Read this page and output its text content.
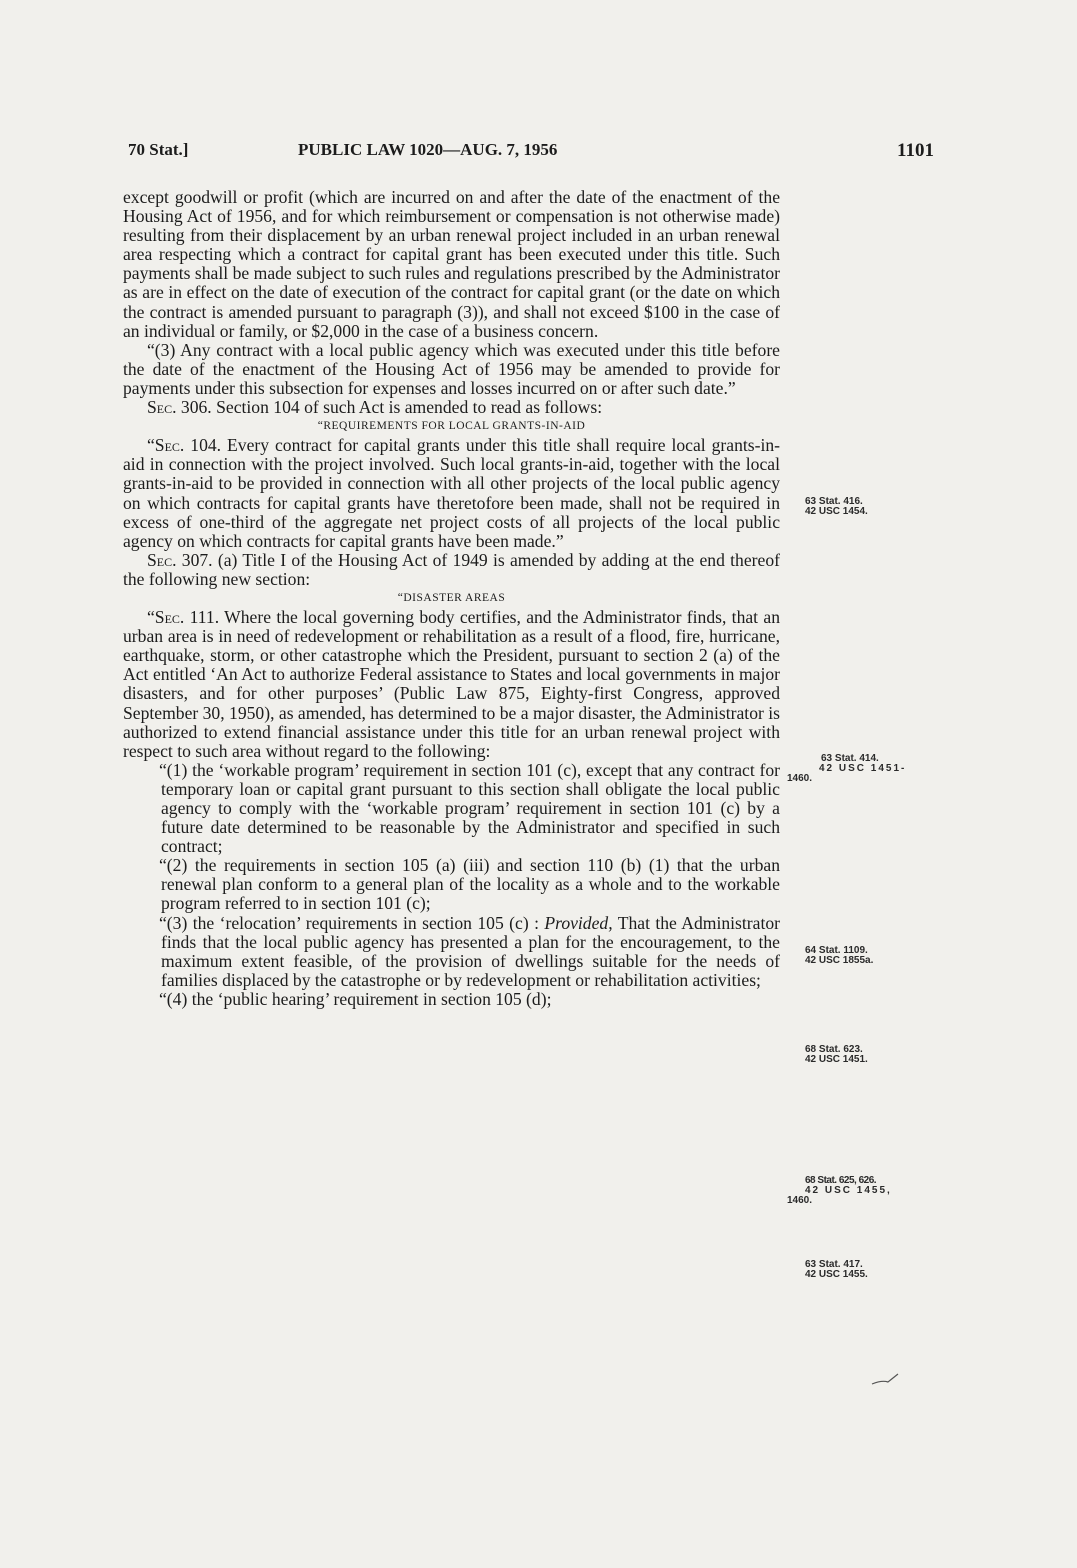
70 Stat.]	PUBLIC LAW 1020—AUG. 7, 1956	1101

except goodwill or profit (which are incurred on and after the date of the enactment of the Housing Act of 1956, and for which reimbursement or compensation is not otherwise made) resulting from their displacement by an urban renewal project included in an urban renewal area respecting which a contract for capital grant has been executed under this title. Such payments shall be made subject to such rules and regulations prescribed by the Administrator as are in effect on the date of execution of the contract for capital grant (or the date on which the contract is amended pursuant to paragraph (3)), and shall not exceed $100 in the case of an individual or family, or $2,000 in the case of a business concern.

“(3) Any contract with a local public agency which was executed under this title before the date of the enactment of the Housing Act of 1956 may be amended to provide for payments under this subsection for expenses and losses incurred on or after such date.”

Sec. 306. Section 104 of such Act is amended to read as follows:

“REQUIREMENTS FOR LOCAL GRANTS-IN-AID

“Sec. 104. Every contract for capital grants under this title shall require local grants-in-aid in connection with the project involved. Such local grants-in-aid, together with the local grants-in-aid to be provided in connection with all other projects of the local public agency on which contracts for capital grants have theretofore been made, shall not be required in excess of one-third of the aggregate net project costs of all projects of the local public agency on which contracts for capital grants have been made.”

Sec. 307. (a) Title I of the Housing Act of 1949 is amended by adding at the end thereof the following new section:

“DISASTER AREAS

“Sec. 111. Where the local governing body certifies, and the Administrator finds, that an urban area is in need of redevelopment or rehabilitation as a result of a flood, fire, hurricane, earthquake, storm, or other catastrophe which the President, pursuant to section 2 (a) of the Act entitled ‘An Act to authorize Federal assistance to States and local governments in major disasters, and for other purposes’ (Public Law 875, Eighty-first Congress, approved September 30, 1950), as amended, has determined to be a major disaster, the Administrator is authorized to extend financial assistance under this title for an urban renewal project with respect to such area without regard to the following:

“(1) the ‘workable program’ requirement in section 101 (c), except that any contract for temporary loan or capital grant pursuant to this section shall obligate the local public agency to comply with the ‘workable program’ requirement in section 101 (c) by a future date determined to be reasonable by the Administrator and specified in such contract;

“(2) the requirements in section 105 (a) (iii) and section 110 (b) (1) that the urban renewal plan conform to a general plan of the locality as a whole and to the workable program referred to in section 101 (c);

“(3) the ‘relocation’ requirements in section 105 (c) : Provided, That the Administrator finds that the local public agency has presented a plan for the encouragement, to the maximum extent feasible, of the provision of dwellings suitable for the needs of families displaced by the catastrophe or by redevelopment or rehabilitation activities;

“(4) the ‘public hearing’ requirement in section 105 (d);

63 Stat. 416.
42 USC 1454.
63 Stat. 414.
42 USC 1451-
1460.
64 Stat. 1109.
42 USC 1855a.
68 Stat. 623.
42 USC 1451.
68 Stat. 625, 626.
42 USC 1455,
1460.
63 Stat. 417.
42 USC 1455.
